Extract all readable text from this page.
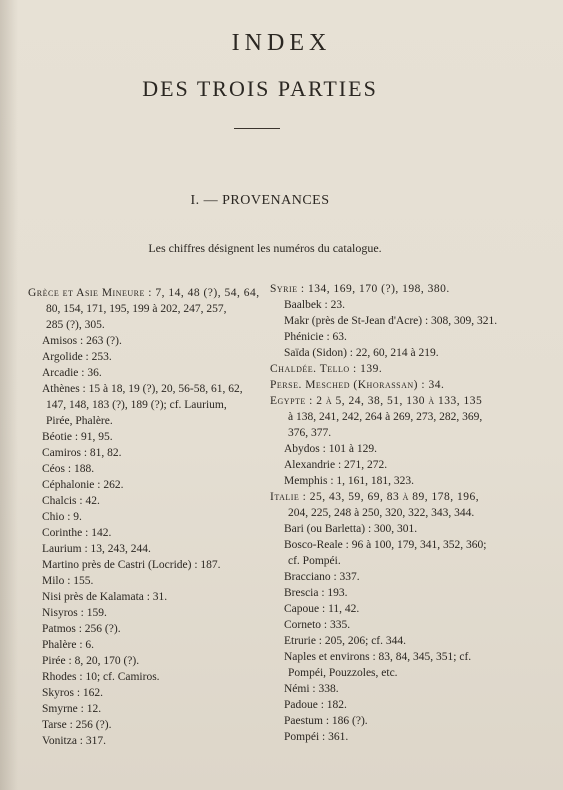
INDEX
DES TROIS PARTIES
I. — PROVENANCES
Les chiffres désignent les numéros du catalogue.
Grèce et Asie Mineure : 7, 14, 48 (?), 54, 64,
80, 154, 171, 195, 199 à 202, 247, 257,
285 (?), 305.
Amisos : 263 (?).
Argolide : 253.
Arcadie : 36.
Athènes : 15 à 18, 19 (?), 20, 56-58, 61, 62,
147, 148, 183 (?), 189 (?); cf. Laurium,
Pirée, Phalère.
Béotie : 91, 95.
Camiros : 81, 82.
Céos : 188.
Céphalonie : 262.
Chalcis : 42.
Chio : 9.
Corinthe : 142.
Laurium : 13, 243, 244.
Martino près de Castri (Locride) : 187.
Milo : 155.
Nisi près de Kalamata : 31.
Nisyros : 159.
Patmos : 256 (?).
Phalère : 6.
Pirée : 8, 20, 170 (?).
Rhodes : 10; cf. Camiros.
Skyros : 162.
Smyrne : 12.
Tarse : 256 (?).
Vonitza : 317.
Syrie : 134, 169, 170 (?), 198, 380.
Baalbek : 23.
Makr (près de St-Jean d'Acre) : 308, 309, 321.
Phénicie : 63.
Saïda (Sidon) : 22, 60, 214 à 219.
Chaldée. Tello : 139.
Perse. Mesched (Khorassan) : 34.
Egypte : 2 à 5, 24, 38, 51, 130 à 133, 135
à 138, 241, 242, 264 à 269, 273, 282, 369,
376, 377.
Abydos : 101 à 129.
Alexandrie : 271, 272.
Memphis : 1, 161, 181, 323.
Italie : 25, 43, 59, 69, 83 à 89, 178, 196,
204, 225, 248 à 250, 320, 322, 343, 344.
Bari (ou Barletta) : 300, 301.
Bosco-Reale : 96 à 100, 179, 341, 352, 360;
cf. Pompéi.
Bracciano : 337.
Brescia : 193.
Capoue : 11, 42.
Corneto : 335.
Etrurie : 205, 206; cf. 344.
Naples et environs : 83, 84, 345, 351; cf.
Pompéi, Pouzzoles, etc.
Némi : 338.
Padoue : 182.
Paestum : 186 (?).
Pompéi : 361.
